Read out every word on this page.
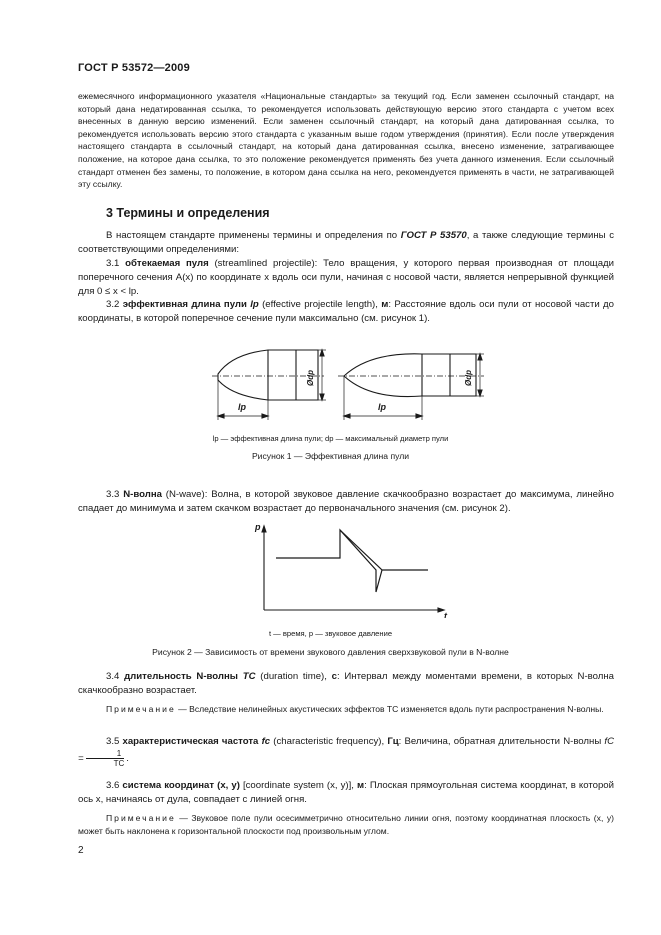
ГОСТ Р 53572—2009
ежемесячного информационного указателя «Национальные стандарты» за текущий год. Если заменен ссылочный стандарт, на который дана недатированная ссылка, то рекомендуется использовать действующую версию этого стандарта с учетом всех внесенных в данную версию изменений. Если заменен ссылочный стандарт, на который дана датированная ссылка, то рекомендуется использовать версию этого стандарта с указанным выше годом утверждения (принятия). Если после утверждения настоящего стандарта в ссылочный стандарт, на который дана датированная ссылка, внесено изменение, затрагивающее положение, на которое дана ссылка, то это положение рекомендуется применять без учета данного изменения. Если ссылочный стандарт отменен без замены, то положение, в котором дана ссылка на него, рекомендуется применять в части, не затрагивающей эту ссылку.
3 Термины и определения
В настоящем стандарте применены термины и определения по ГОСТ Р 53570, а также следующие термины с соответствующими определениями:
3.1 обтекаемая пуля (streamlined projectile): Тело вращения, у которого первая производная от площади поперечного сечения A(x) по координате x вдоль оси пули, начиная с носовой части, является непрерывной функцией для 0 ≤ x < lp.
3.2 эффективная длина пули lp (effective projectile length), м: Расстояние вдоль оси пули от носовой части до координаты, в которой поперечное сечение пули максимально (см. рисунок 1).
lp	lp
Ødp	Ødp
lp — эффективная длина пули; dp — максимальный диаметр пули
Рисунок 1 — Эффективная длина пули
3.3 N-волна (N-wave): Волна, в которой звуковое давление скачкообразно возрастает до максимума, линейно спадает до минимума и затем скачком возрастает до первоначального значения (см. рисунок 2).
p
t
t — время, p — звуковое давление
Рисунок 2 — Зависимость от времени звукового давления сверхзвуковой пули в N-волне
3.4 длительность N-волны TC (duration time), с: Интервал между моментами времени, в которых N-волна скачкообразно возрастает.
Примечание — Вследствие нелинейных акустических эффектов TC изменяется вдоль пути распространения N-волны.
3.5 характеристическая частота fc (characteristic frequency), Гц: Величина, обратная длительности N-волны fC = $\frac{1}{TC}$ .
3.6 система координат (x, y) [coordinate system (x, y)], м: Плоская прямоугольная система координат, в которой ось x, начинаясь от дула, совпадает с линией огня.
Примечание — Звуковое поле пули осесимметрично относительно линии огня, поэтому координатная плоскость (x, y) может быть наклонена к горизонтальной плоскости под произвольным углом.
2
